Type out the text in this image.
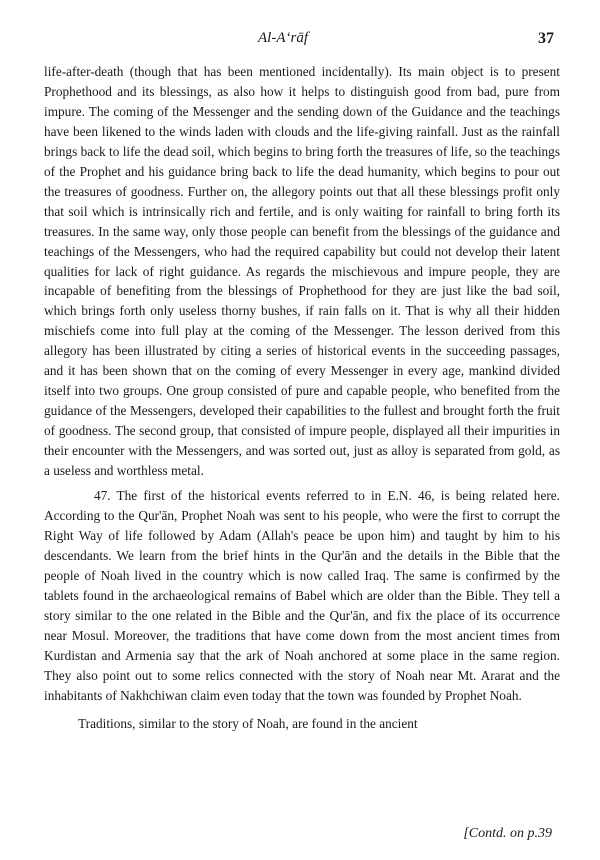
Al-A‘rāf	37

life-after-death (though that has been mentioned incidentally). Its main object is to present Prophethood and its blessings, as also how it helps to distinguish good from bad, pure from impure. The coming of the Messenger and the sending down of the Guidance and the teachings have been likened to the winds laden with clouds and the life-giving rainfall. Just as the rainfall brings back to life the dead soil, which begins to bring forth the treasures of life, so the teachings of the Prophet and his guidance bring back to life the dead humanity, which begins to pour out the treasures of goodness. Further on, the allegory points out that all these blessings profit only that soil which is intrinsically rich and fertile, and is only waiting for rainfall to bring forth its treasures. In the same way, only those people can benefit from the blessings of the guidance and teachings of the Messengers, who had the required capability but could not develop their latent qualities for lack of right guidance. As regards the mischievous and impure people, they are incapable of benefiting from the blessings of Prophethood for they are just like the bad soil, which brings forth only useless thorny bushes, if rain falls on it. That is why all their hidden mischiefs come into full play at the coming of the Messenger. The lesson derived from this allegory has been illustrated by citing a series of historical events in the succeeding passages, and it has been shown that on the coming of every Messenger in every age, mankind divided itself into two groups. One group consisted of pure and capable people, who benefited from the guidance of the Messengers, developed their capabilities to the fullest and brought forth the fruit of goodness. The second group, that consisted of impure people, displayed all their impurities in their encounter with the Messengers, and was sorted out, just as alloy is separated from gold, as a useless and worthless metal.

47. The first of the historical events referred to in E.N. 46, is being related here. According to the Qur'ān, Prophet Noah was sent to his people, who were the first to corrupt the Right Way of life followed by Adam (Allah's peace be upon him) and taught by him to his descendants. We learn from the brief hints in the Qur'ān and the details in the Bible that the people of Noah lived in the country which is now called Iraq. The same is confirmed by the tablets found in the archaeological remains of Babel which are older than the Bible. They tell a story similar to the one related in the Bible and the Qur'ān, and fix the place of its occurrence near Mosul. Moreover, the traditions that have come down from the most ancient times from Kurdistan and Armenia say that the ark of Noah anchored at some place in the same region. They also point out to some relics connected with the story of Noah near Mt. Ararat and the inhabitants of Nakhchiwan claim even today that the town was founded by Prophet Noah.

Traditions, similar to the story of Noah, are found in the ancient

[Contd. on p.39
